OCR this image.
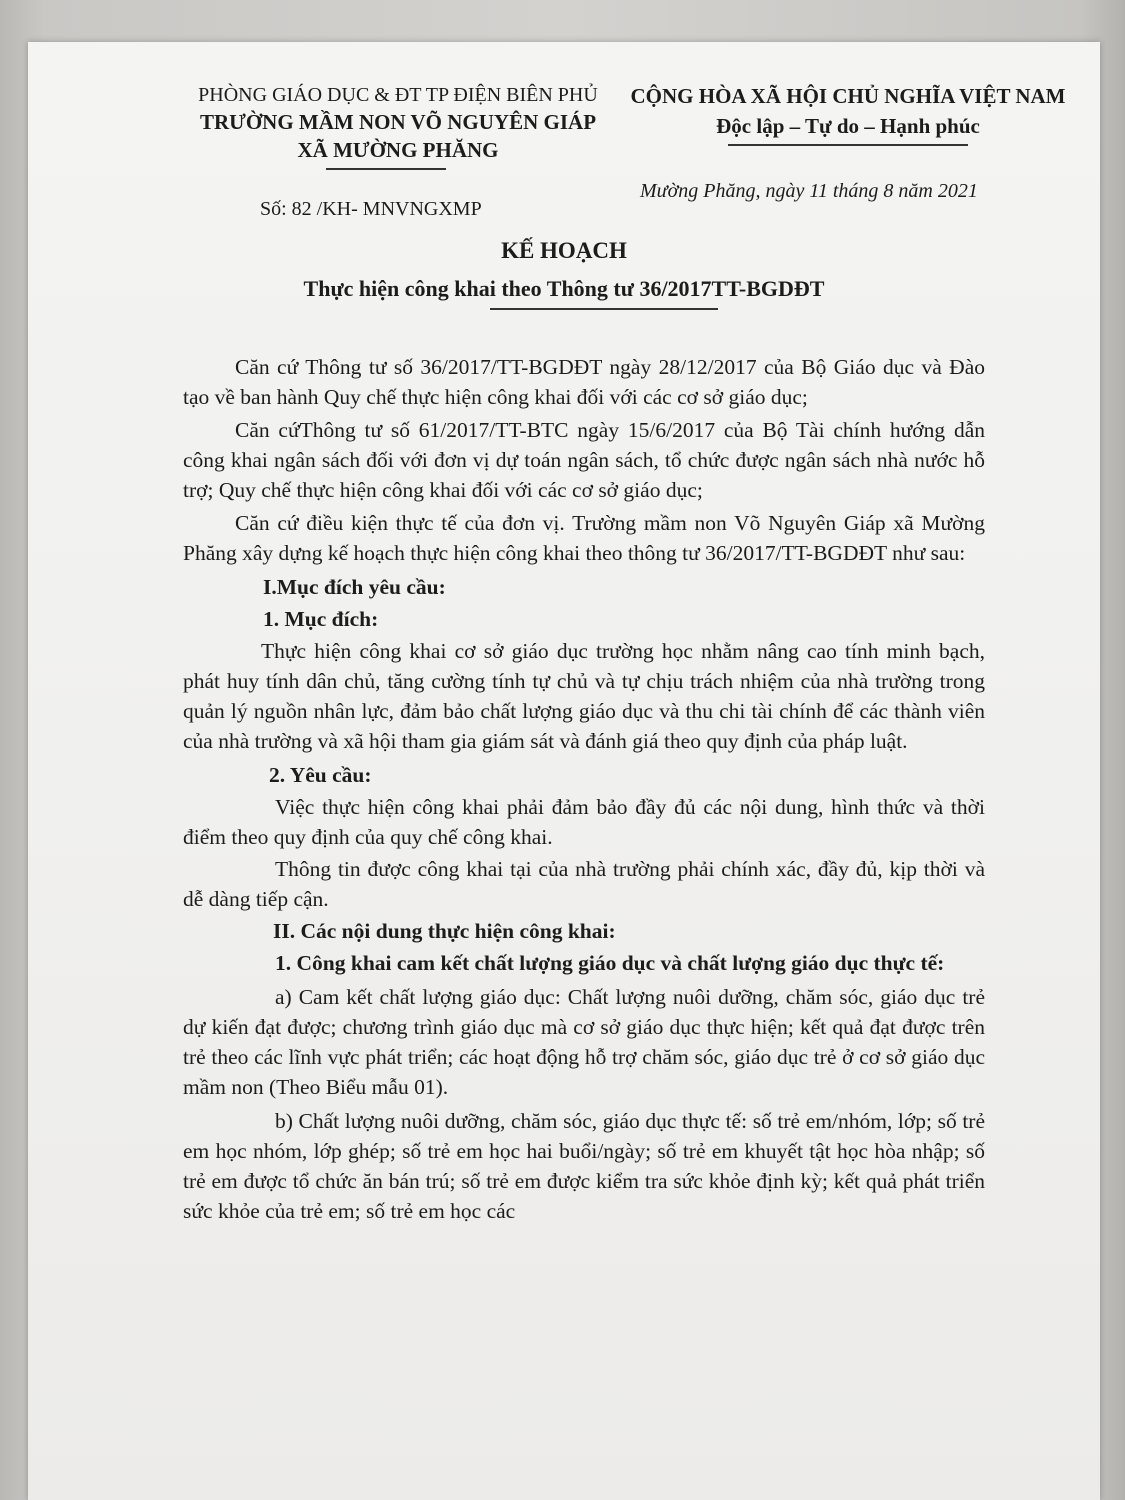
PHÒNG GIÁO DỤC & ĐT TP ĐIỆN BIÊN PHỦ
TRƯỜNG MẦM NON VÕ NGUYÊN GIÁP
XÃ MƯỜNG PHĂNG
Số: 82 /KH- MNVNGXMP
CỘNG HÒA XÃ HỘI CHỦ NGHĨA VIỆT NAM
Độc lập – Tự do – Hạnh phúc
Mường Phăng, ngày 11 tháng 8 năm 2021
KẾ HOẠCH
Thực hiện công khai theo Thông tư 36/2017TT-BGDĐT

Căn cứ Thông tư số 36/2017/TT-BGDĐT ngày 28/12/2017 của Bộ Giáo dục và Đào tạo về ban hành Quy chế thực hiện công khai đối với các cơ sở giáo dục;

Căn cứThông tư số 61/2017/TT-BTC ngày 15/6/2017 của Bộ Tài chính hướng dẫn công khai ngân sách đối với đơn vị dự toán ngân sách, tổ chức được ngân sách nhà nước hỗ trợ; Quy chế thực hiện công khai đối với các cơ sở giáo dục;

Căn cứ điều kiện thực tế của đơn vị. Trường mầm non Võ Nguyên Giáp xã Mường Phăng xây dựng kế hoạch thực hiện công khai theo thông tư 36/2017/TT-BGDĐT như sau:

I.Mục đích yêu cầu:

1. Mục đích:

Thực hiện công khai cơ sở giáo dục trường học nhằm nâng cao tính minh bạch, phát huy tính dân chủ, tăng cường tính tự chủ và tự chịu trách nhiệm của nhà trường trong quản lý nguồn nhân lực, đảm bảo chất lượng giáo dục và thu chi tài chính để các thành viên của nhà trường và xã hội tham gia giám sát và đánh giá theo quy định của pháp luật.

2. Yêu cầu:

Việc thực hiện công khai phải đảm bảo đầy đủ các nội dung, hình thức và thời điểm theo quy định của quy chế công khai.

Thông tin được công khai tại của nhà trường phải chính xác, đầy đủ, kịp thời và dễ dàng tiếp cận.

II. Các nội dung thực hiện công khai:

1. Công khai cam kết chất lượng giáo dục và chất lượng giáo dục thực tế:

a) Cam kết chất lượng giáo dục: Chất lượng nuôi dưỡng, chăm sóc, giáo dục trẻ dự kiến đạt được; chương trình giáo dục mà cơ sở giáo dục thực hiện; kết quả đạt được trên trẻ theo các lĩnh vực phát triển; các hoạt động hỗ trợ chăm sóc, giáo dục trẻ ở cơ sở giáo dục mầm non (Theo Biểu mẫu 01).

b) Chất lượng nuôi dưỡng, chăm sóc, giáo dục thực tế: số trẻ em/nhóm, lớp; số trẻ em học nhóm, lớp ghép; số trẻ em học hai buổi/ngày; số trẻ em khuyết tật học hòa nhập; số trẻ em được tổ chức ăn bán trú; số trẻ em được kiểm tra sức khỏe định kỳ; kết quả phát triển sức khỏe của trẻ em; số trẻ em học các
